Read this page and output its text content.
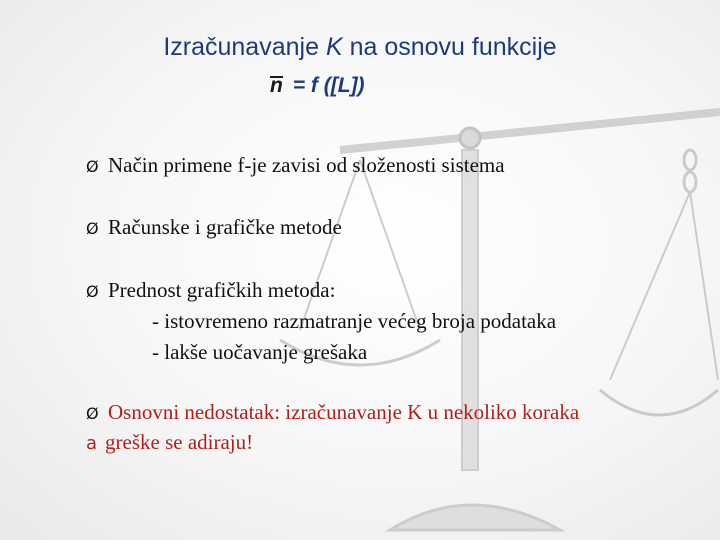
Izračunavanje K na osnovu funkcije
n = f ([L])
Ø Način primene f-je zavisi od složenosti sistema
Ø Računske i grafičke metode
Ø Prednost grafičkih metoda:
- istovremeno razmatranje većeg broja podataka
- lakše uočavanje grešaka
Ø Osnovni nedostatak: izračunavanje K u nekoliko koraka
a greške se adiraju!
